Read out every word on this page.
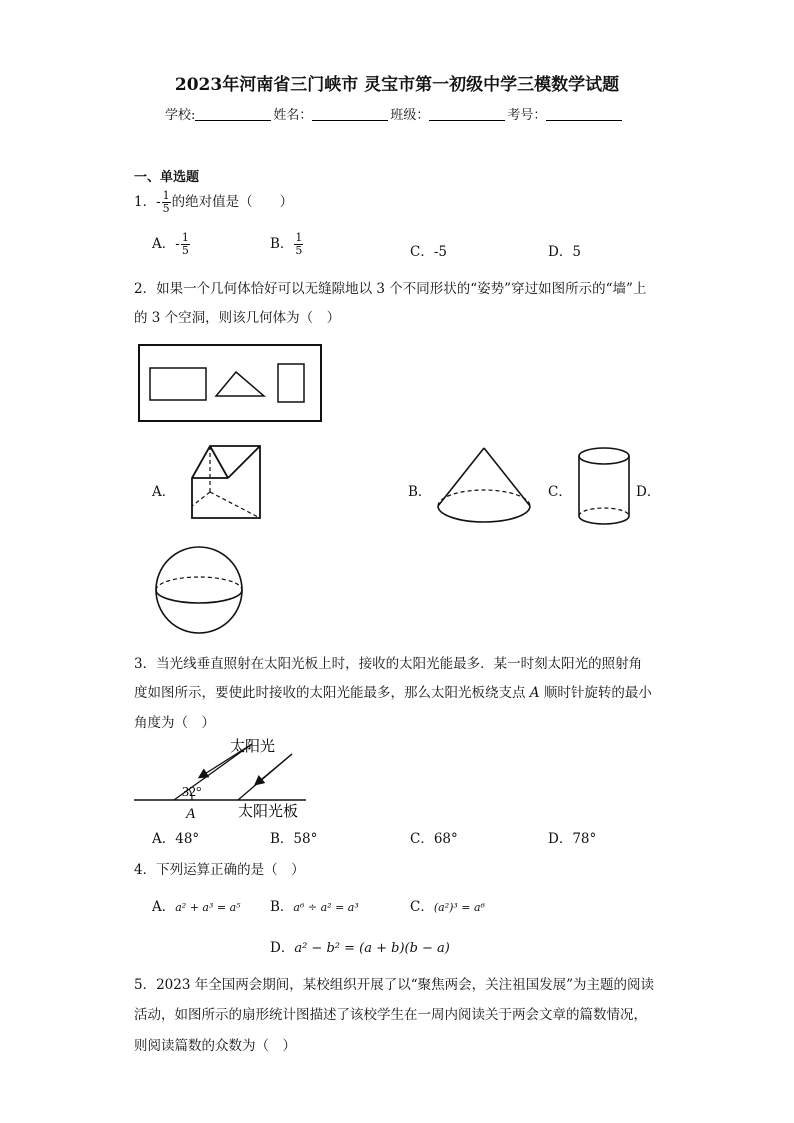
2023年河南省三门峡市 灵宝市第一初级中学三模数学试题
学校:	姓名：	班级：	考号：
一、单选题
1．- $\frac{1}{5}$ 的绝对值是（　　）
A．- $\frac{1}{5}$	B． $\frac{1}{5}$	C．-5	D．5
2．如果一个几何体恰好可以无缝隙地以 3 个不同形状的“姿势”穿过如图所示的“墙”上
的 3 个空洞，则该几何体为（　）
A．	B．	C．	D．
3．当光线垂直照射在太阳光板上时，接收的太阳光能最多．某一时刻太阳光的照射角
度如图所示，要使此时接收的太阳光能最多，那么太阳光板绕支点 A 顺时针旋转的最小
角度为（　）
太阳光
32°
A	太阳光板
A．48°	B．58°	C．68°	D．78°
4．下列运算正确的是（　）
A．a² + a³ = a⁵ B．a⁶ ÷ a² = a³	C．(a²)³ = a⁶
D．a² − b² = (a + b)(b − a)
5．2023 年全国两会期间，某校组织开展了以“聚焦两会，关注祖国发展”为主题的阅读
活动，如图所示的扇形统计图描述了该校学生在一周内阅读关于两会文章的篇数情况，
则阅读篇数的众数为（　）
